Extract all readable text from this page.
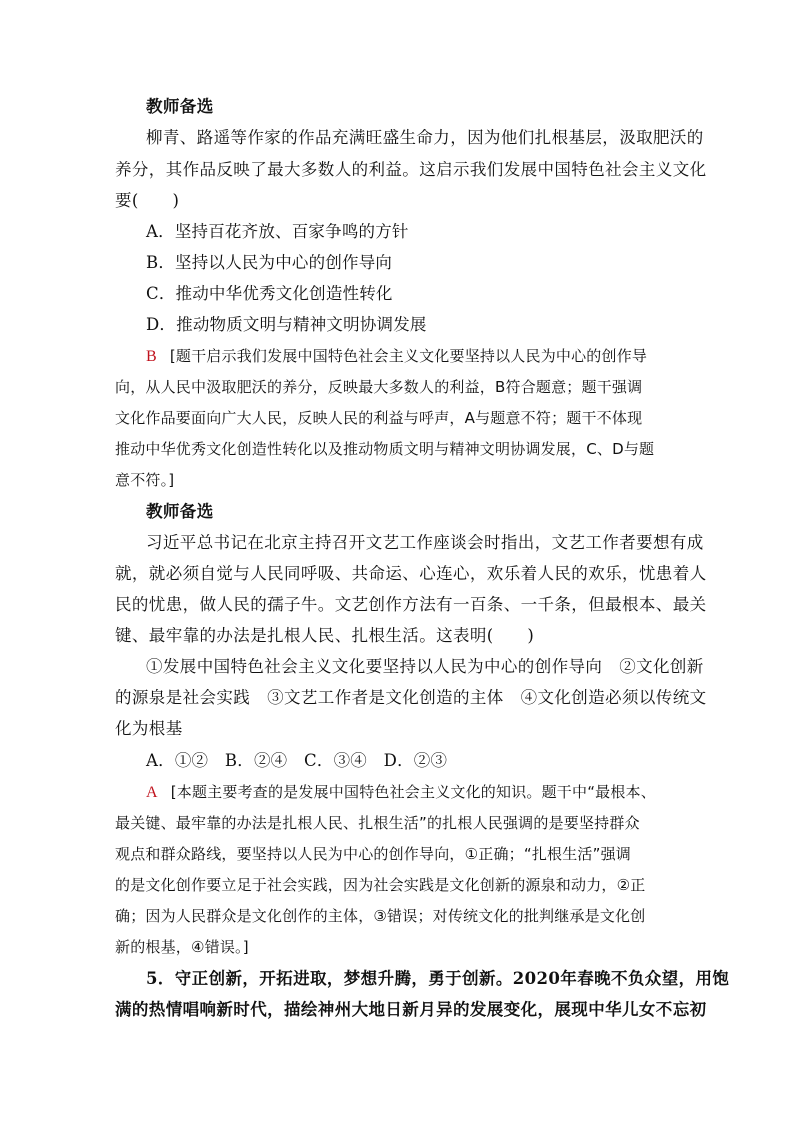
教师备选
柳青、路遥等作家的作品充满旺盛生命力，因为他们扎根基层，汲取肥沃的
养分，其作品反映了最大多数人的利益。这启示我们发展中国特色社会主义文化
要(　　)
A．坚持百花齐放、百家争鸣的方针
B．坚持以人民为中心的创作导向
C．推动中华优秀文化创造性转化
D．推动物质文明与精神文明协调发展
B [题干启示我们发展中国特色社会主义文化要坚持以人民为中心的创作导
向，从人民中汲取肥沃的养分，反映最大多数人的利益，B符合题意；题干强调
文化作品要面向广大人民，反映人民的利益与呼声，A与题意不符；题干不体现
推动中华优秀文化创造性转化以及推动物质文明与精神文明协调发展，C、D与题
意不符。]
教师备选
习近平总书记在北京主持召开文艺工作座谈会时指出，文艺工作者要想有成
就，就必须自觉与人民同呼吸、共命运、心连心，欢乐着人民的欢乐，忧患着人
民的忧患，做人民的孺子牛。文艺创作方法有一百条、一千条，但最根本、最关
键、最牢靠的办法是扎根人民、扎根生活。这表明(　　)
①发展中国特色社会主义文化要坚持以人民为中心的创作导向　②文化创新
的源泉是社会实践　③文艺工作者是文化创造的主体　④文化创造必须以传统文
化为根基
A．①②　B．②④　C．③④　D．②③
A [本题主要考查的是发展中国特色社会主义文化的知识。题干中“最根本、
最关键、最牢靠的办法是扎根人民、扎根生活”的扎根人民强调的是要坚持群众
观点和群众路线，要坚持以人民为中心的创作导向，①正确；“扎根生活”强调
的是文化创作要立足于社会实践，因为社会实践是文化创新的源泉和动力，②正
确；因为人民群众是文化创作的主体，③错误；对传统文化的批判继承是文化创
新的根基，④错误。]
5．守正创新，开拓进取，梦想升腾，勇于创新。2020年春晚不负众望，用饱
满的热情唱响新时代，描绘神州大地日新月异的发展变化，展现中华儿女不忘初
